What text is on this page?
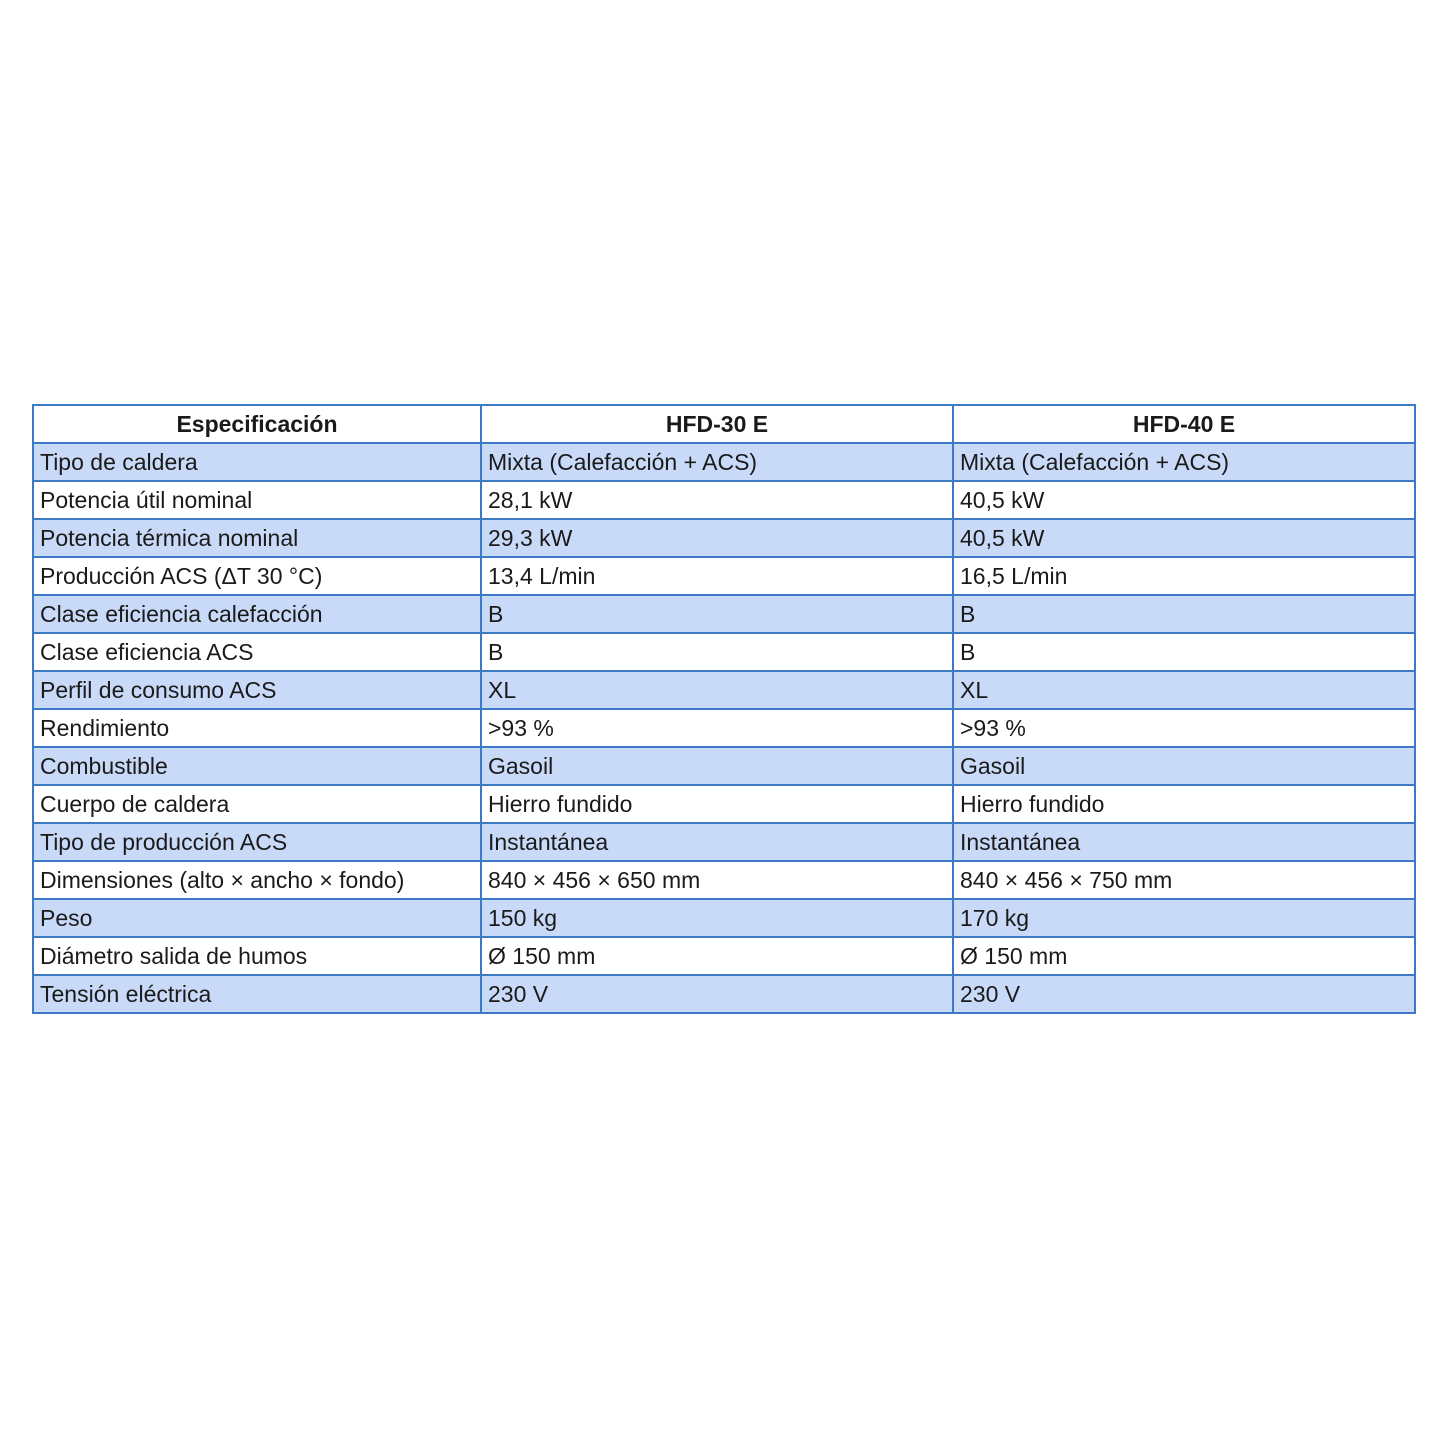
Especificación	HFD-30 E	HFD-40 E
Tipo de caldera	Mixta (Calefacción + ACS)	Mixta (Calefacción + ACS)
Potencia útil nominal	28,1 kW	40,5 kW
Potencia térmica nominal	29,3 kW	40,5 kW
Producción ACS (ΔT 30 °C)	13,4 L/min	16,5 L/min
Clase eficiencia calefacción	B	B
Clase eficiencia ACS	B	B
Perfil de consumo ACS	XL	XL
Rendimiento	>93 %	>93 %
Combustible	Gasoil	Gasoil
Cuerpo de caldera	Hierro fundido	Hierro fundido
Tipo de producción ACS	Instantánea	Instantánea
Dimensiones (alto × ancho × fondo)	840 × 456 × 650 mm	840 × 456 × 750 mm
Peso	150 kg	170 kg
Diámetro salida de humos	Ø 150 mm	Ø 150 mm
Tensión eléctrica	230 V	230 V
